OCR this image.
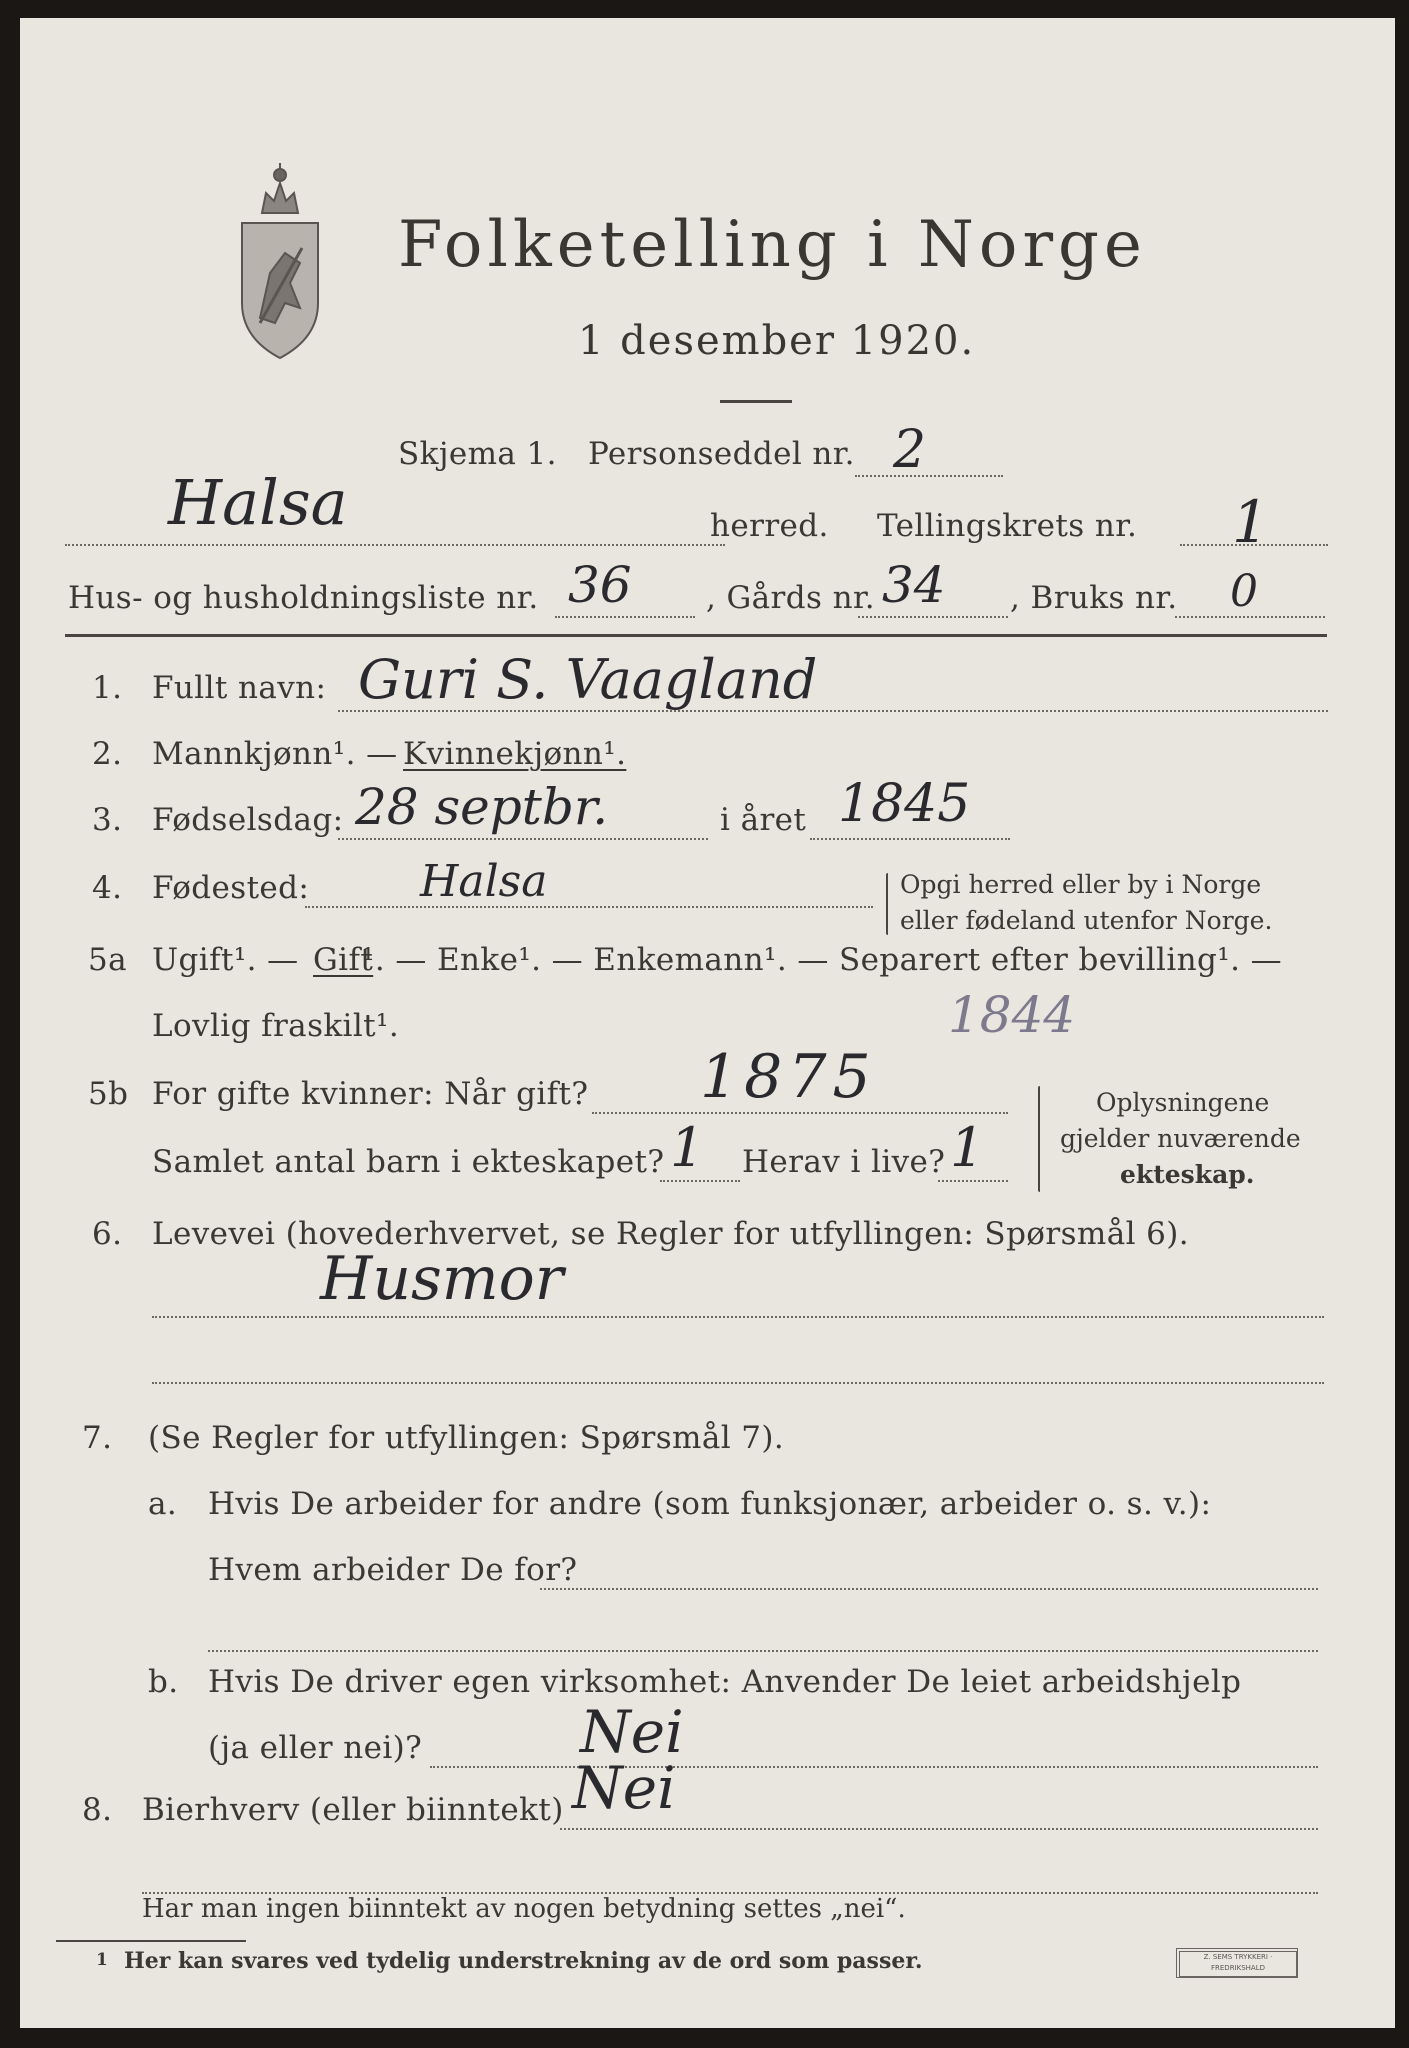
Folketelling i Norge
1 desember 1920.
Skjema 1. Personseddel nr. 2
Halsa	herred. Tellingskrets nr. 1
Hus- og husholdningsliste nr. 36 , Gårds nr. 34 , Bruks nr. 0
1. Fullt navn: Guri S. Vaagland
2. Mannkjønn¹. — Kvinnekjønn¹.
3. Fødselsdag: 28 septbr.	i året 1845
4. Fødested:	Halsa	Opgi herred eller by i Norge
eller fødeland utenfor Norge.
5a Ugift¹. — Gift
¹. — Enke¹. — Enkemann¹. — Separert efter bevilling¹. —
Lovlig fraskilt¹.	1844
5b For gifte kvinner: Når gift? 1875
Samlet antal barn i ekteskapet? 1 Herav i live? 1
Oplysningene
gjelder nuværende
ekteskap.
6. Levevei (hovederhvervet, se Regler for utfyllingen: Spørsmål 6).
Husmor
7. (Se Regler for utfyllingen: Spørsmål 7).
a. Hvis De arbeider for andre (som funksjonær, arbeider o. s. v.):
Hvem arbeider De for?
b. Hvis De driver egen virksomhet: Anvender De leiet arbeidshjelp
(ja eller nei)?	Nei
8. Bierhverv (eller biinntekt) Nei
Har man ingen biinntekt av nogen betydning settes „nei“.
1 Her kan svares ved tydelig understrekning av de ord som passer.	Z. SEMS TRYKKERI · FREDRIKSHALD
